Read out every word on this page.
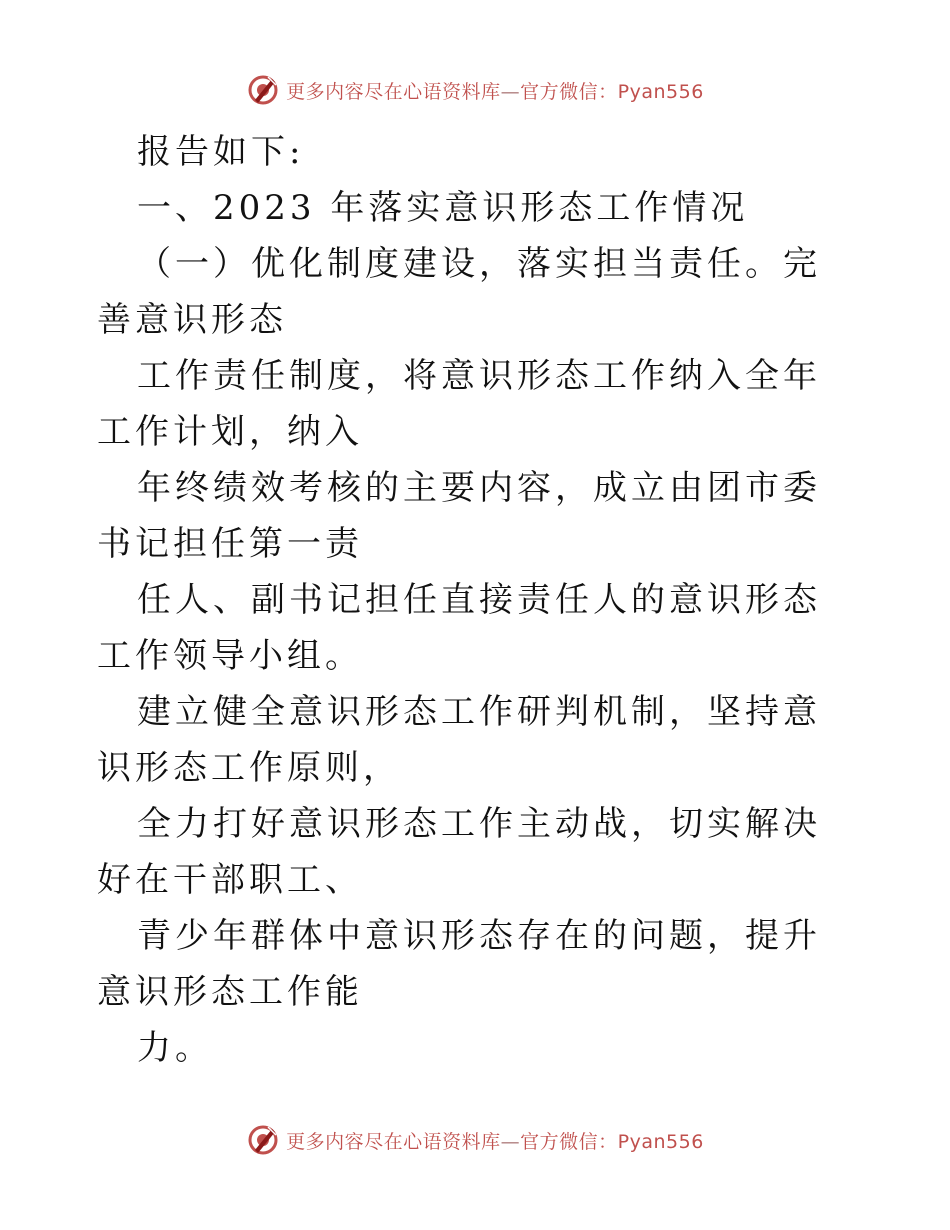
更多内容尽在心语资料库—官方微信：Pyan556

报告如下:

一、2023 年落实意识形态工作情况

（一）优化制度建设，落实担当责任。完善意识形态

工作责任制度，将意识形态工作纳入全年工作计划，纳入

年终绩效考核的主要内容，成立由团市委书记担任第一责

任人、副书记担任直接责任人的意识形态工作领导小组。

建立健全意识形态工作研判机制，坚持意识形态工作原则，

全力打好意识形态工作主动战，切实解决好在干部职工、

青少年群体中意识形态存在的问题，提升意识形态工作能

力。

更多内容尽在心语资料库—官方微信：Pyan556
